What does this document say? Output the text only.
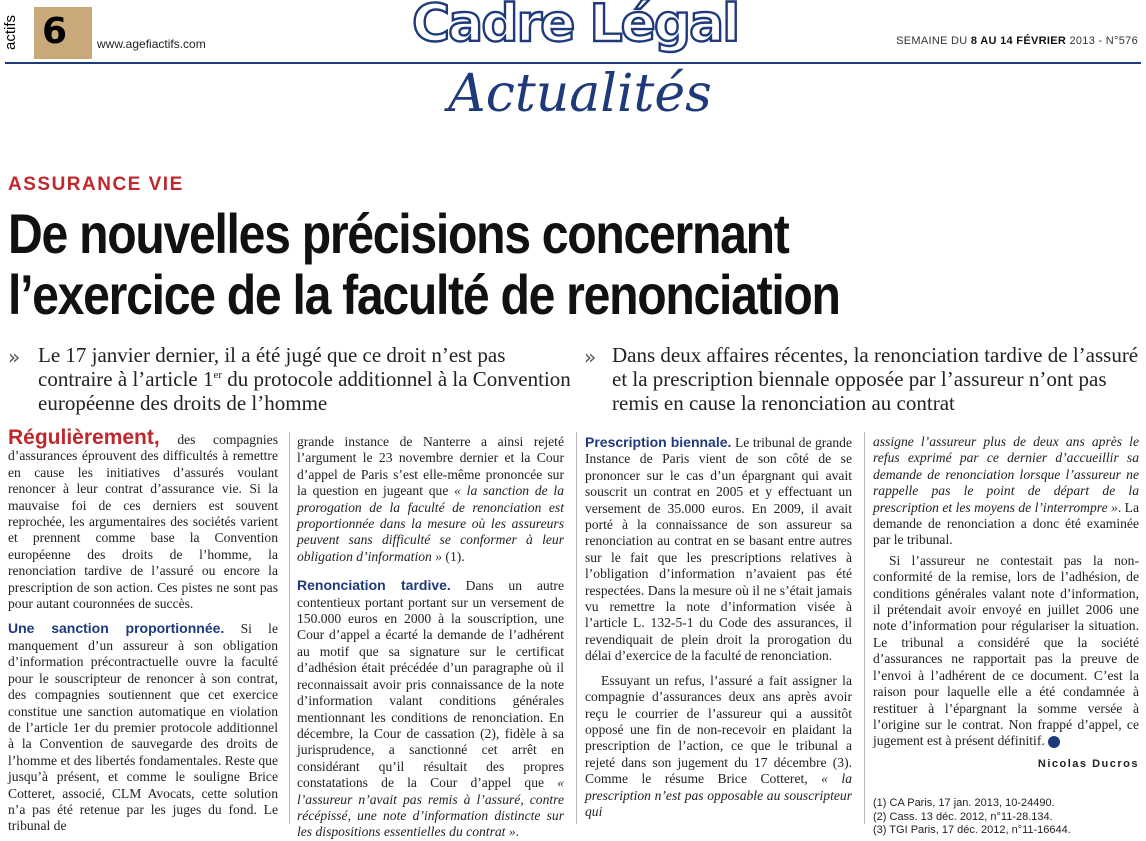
actifs 6 www.agefiactifs.com	Cadre Légal	SEMAINE DU 8 AU 14 FÉVRIER 2013 - N°576
Actualités
ASSURANCE VIE
De nouvelles précisions concernant
l’exercice de la faculté de renonciation
» Le 17 janvier dernier, il a été jugé que ce droit n’est pas contraire à l’article 1er du protocole additionnel à la Convention européenne des droits de l’homme
» Dans deux affaires récentes, la renonciation tardive de l’assuré et la prescription biennale opposée par l’assureur n’ont pas remis en cause la renonciation au contrat

Régulièrement, des compagnies d’assurances éprouvent des difficultés à remettre en cause les initiatives d’assurés voulant renoncer à leur contrat d’assurance vie. Si la mauvaise foi de ces derniers est souvent reprochée, les argumentaires des sociétés varient et prennent comme base la Convention européenne des droits de l’homme, la renonciation tardive de l’assuré ou encore la prescription de son action. Ces pistes ne sont pas pour autant couronnées de succès.

Une sanction proportionnée. Si le manquement d’un assureur à son obligation d’information précontractuelle ouvre la faculté pour le souscripteur de renoncer à son contrat, des compagnies soutiennent que cet exercice constitue une sanction automatique en violation de l’article 1er du premier protocole additionnel à la Convention de sauvegarde des droits de l’homme et des libertés fondamentales. Reste que jusqu’à présent, et comme le souligne Brice Cotteret, associé, CLM Avocats, cette solution n’a pas été retenue par les juges du fond. Le tribunal de

grande instance de Nanterre a ainsi rejeté l’argument le 23 novembre dernier et la Cour d’appel de Paris s’est elle-même prononcée sur la question en jugeant que « la sanction de la prorogation de la faculté de renonciation est proportionnée dans la mesure où les assureurs peuvent sans difficulté se conformer à leur obligation d’information » (1).

Renonciation tardive. Dans un autre contentieux portant portant sur un versement de 150.000 euros en 2000 à la souscription, une Cour d’appel a écarté la demande de l’adhérent au motif que sa signature sur le certificat d’adhésion était précédée d’un paragraphe où il reconnaissait avoir pris connaissance de la note d’information valant conditions générales mentionnant les conditions de renonciation. En décembre, la Cour de cassation (2), fidèle à sa jurisprudence, a sanctionné cet arrêt en considérant qu’il résultait des propres constatations de la Cour d’appel que « l’assureur n’avait pas remis à l’assuré, contre récépissé, une note d’information distincte sur les dispositions essentielles du contrat ».

Prescription biennale. Le tribunal de grande Instance de Paris vient de son côté de se prononcer sur le cas d’un épargnant qui avait souscrit un contrat en 2005 et y effectuant un versement de 35.000 euros. En 2009, il avait porté à la connaissance de son assureur sa renonciation au contrat en se basant entre autres sur le fait que les prescriptions relatives à l’obligation d’information n’avaient pas été respectées. Dans la mesure où il ne s’était jamais vu remettre la note d’information visée à l’article L. 132-5-1 du Code des assurances, il revendiquait de plein droit la prorogation du délai d’exercice de la faculté de renonciation.

Essuyant un refus, l’assuré a fait assigner la compagnie d’assurances deux ans après avoir reçu le courrier de l’assureur qui a aussitôt opposé une fin de non-recevoir en plaidant la prescription de l’action, ce que le tribunal a rejeté dans son jugement du 17 décembre (3). Comme le résume Brice Cotteret, « la prescription n’est pas opposable au souscripteur qui

assigne l’assureur plus de deux ans après le refus exprimé par ce dernier d’accueillir sa demande de renonciation lorsque l’assureur ne rappelle pas le point de départ de la prescription et les moyens de l’interrompre ». La demande de renonciation a donc été examinée par le tribunal.

Si l’assureur ne contestait pas la non-conformité de la remise, lors de l’adhésion, de conditions générales valant note d’information, il prétendait avoir envoyé en juillet 2006 une note d’information pour régulariser la situation. Le tribunal a considéré que la société d’assurances ne rapportait pas la preuve de l’envoi à l’adhérent de ce document. C’est la raison pour laquelle elle a été condamnée à restituer à l’épargnant la somme versée à l’origine sur le contrat. Non frappé d’appel, ce jugement est à présent définitif. a

Nicolas Ducros
(1) CA Paris, 17 jan. 2013, 10-24490.
(2) Cass. 13 déc. 2012, n°11-28.134.
(3) TGI Paris, 17 déc. 2012, n°11-16644.
